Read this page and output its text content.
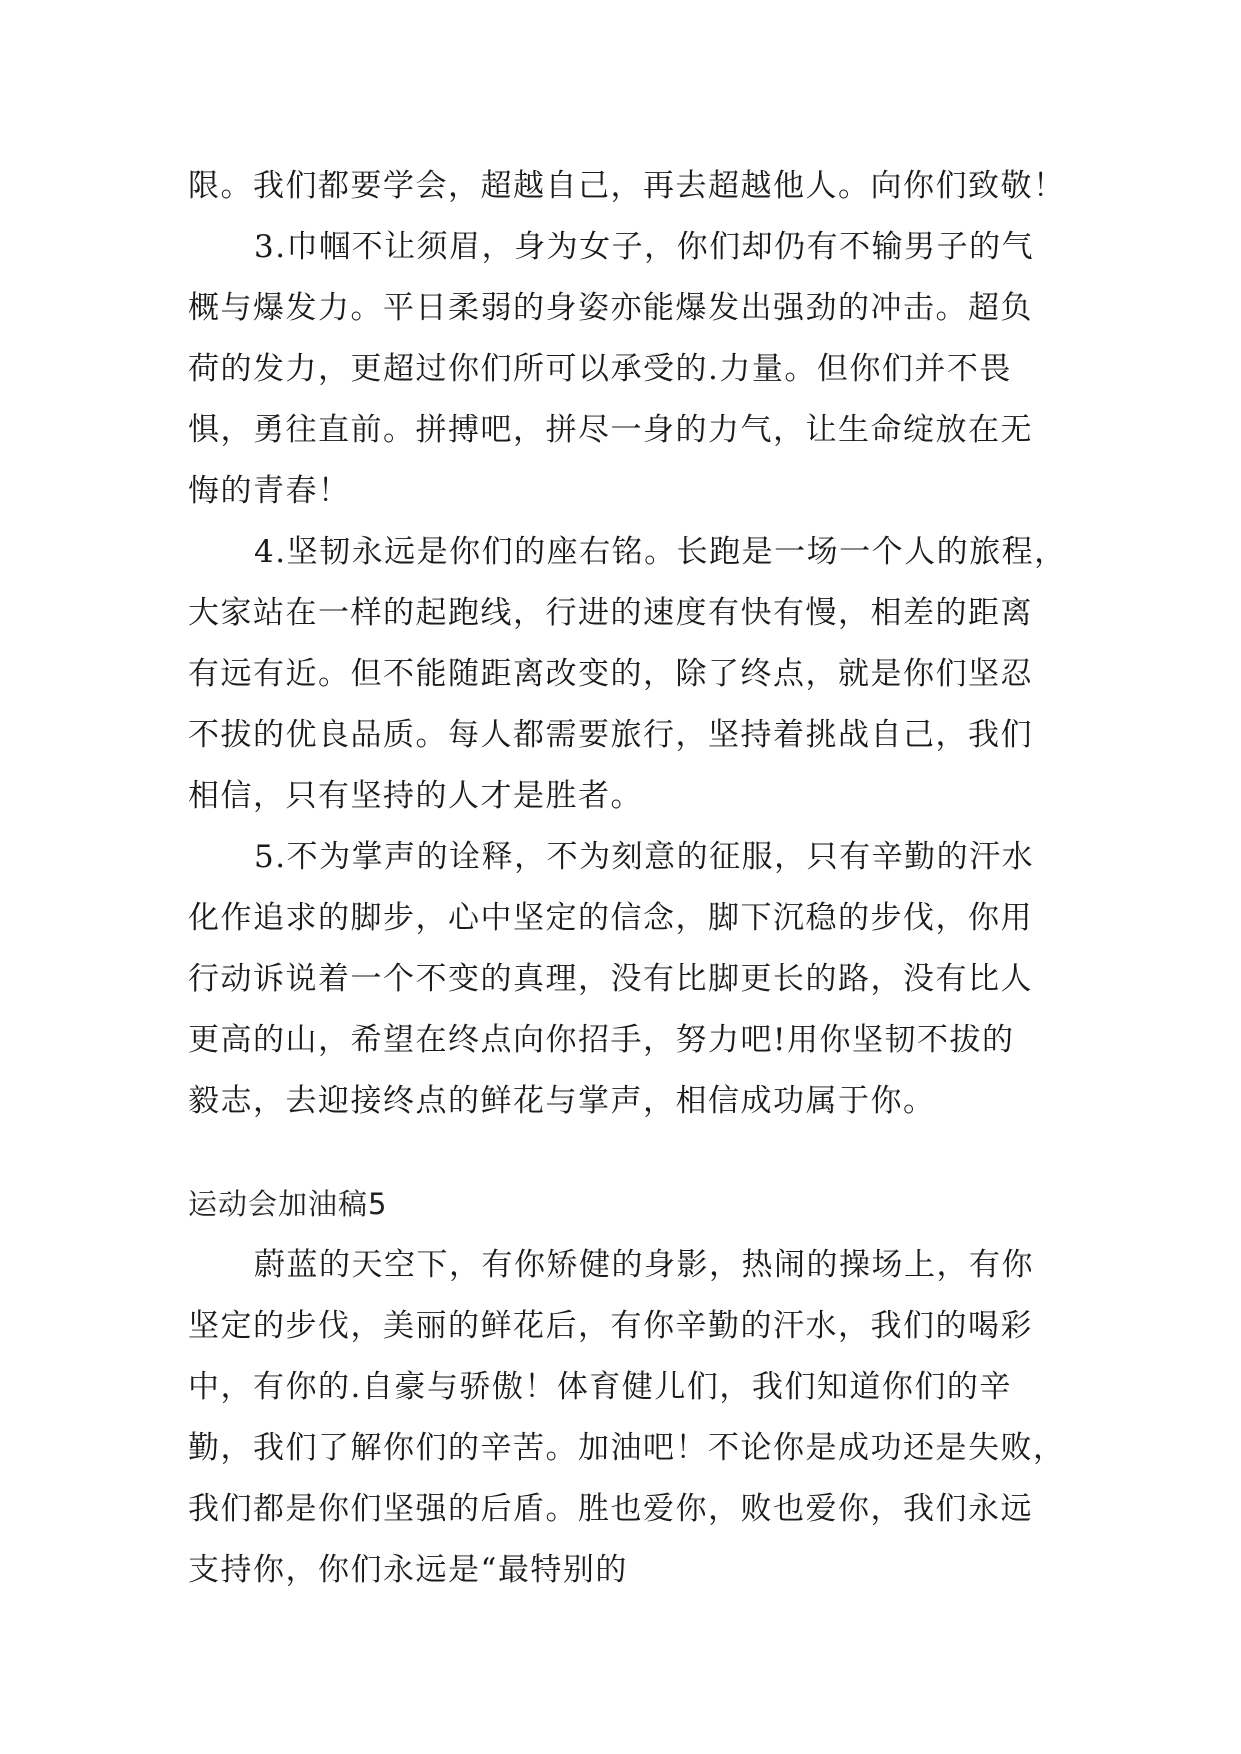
限。我们都要学会，超越自己，再去超越他人。向你们致敬！
3.巾帼不让须眉，身为女子，你们却仍有不输男子的气
概与爆发力。平日柔弱的身姿亦能爆发出强劲的冲击。超负
荷的发力，更超过你们所可以承受的.力量。但你们并不畏
惧，勇往直前。拼搏吧，拼尽一身的力气，让生命绽放在无
悔的青春！
4.坚韧永远是你们的座右铭。长跑是一场一个人的旅程，
大家站在一样的起跑线，行进的速度有快有慢，相差的距离
有远有近。但不能随距离改变的，除了终点，就是你们坚忍
不拔的优良品质。每人都需要旅行，坚持着挑战自己，我们
相信，只有坚持的人才是胜者。
5.不为掌声的诠释，不为刻意的征服，只有辛勤的汗水
化作追求的脚步，心中坚定的信念，脚下沉稳的步伐，你用
行动诉说着一个不变的真理，没有比脚更长的路，没有比人
更高的山，希望在终点向你招手，努力吧!用你坚韧不拔的
毅志，去迎接终点的鲜花与掌声，相信成功属于你。
运动会加油稿5
蔚蓝的天空下，有你矫健的身影，热闹的操场上，有你
坚定的步伐，美丽的鲜花后，有你辛勤的汗水，我们的喝彩
中，有你的.自豪与骄傲！体育健儿们，我们知道你们的辛
勤，我们了解你们的辛苦。加油吧！不论你是成功还是失败，
我们都是你们坚强的后盾。胜也爱你，败也爱你，我们永远
支持你，你们永远是“最特别的
